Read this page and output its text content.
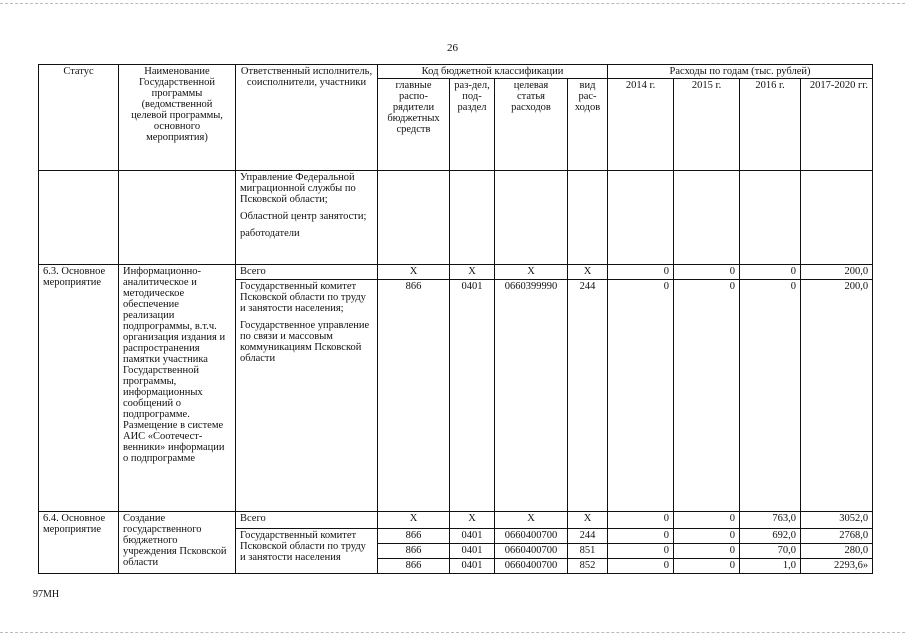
26
Статус	Наименование Государственной программы (ведомственной целевой программы, основного мероприятия)	Ответственный исполнитель, соисполнители, участники	Код бюджетной классификации				Расходы по годам (тыс. рублей)			
			главные распо-рядители бюджетных средств	раз-дел, под-раздел	целевая статья расходов	вид рас-ходов	2014 г.	2015 г.	2016 г.	2017-2020 гг.

		Управление Федеральной миграционной службы по Псковской области;
Областной центр занятости;
работодатели								

6.3. Основное мероприятие	Информационно-аналитическое и методическое обеспечение реализации подпрограммы, в.т.ч. организация издания и распространения памятки участника Государственной программы, информационных сообщений о подпрограмме. Размещение в системе АИС «Соотечест-венники» информации о подпрограмме	Всего	Х	Х	Х	Х	0	0	0	200,0

		Государственный комитет Псковской области по труду и занятости населения;
Государственное управление по связи и массовым коммуникациям Псковской области	866	0401	0660399990	244	0	0	0	200,0
6.4. Основное мероприятие	Создание государственного бюджетного учреждения Псковской области	Всего	Х	Х	Х	Х	0	0	763,0	3052,0
		Государственный комитет Псковской области по труду и занятости населения	866	0401	0660400700	244	0	0	692,0	2768,0
			866	0401	0660400700	851	0	0	70,0	280,0
			866	0401	0660400700	852	0	0	1,0	2293,6»
97МН
